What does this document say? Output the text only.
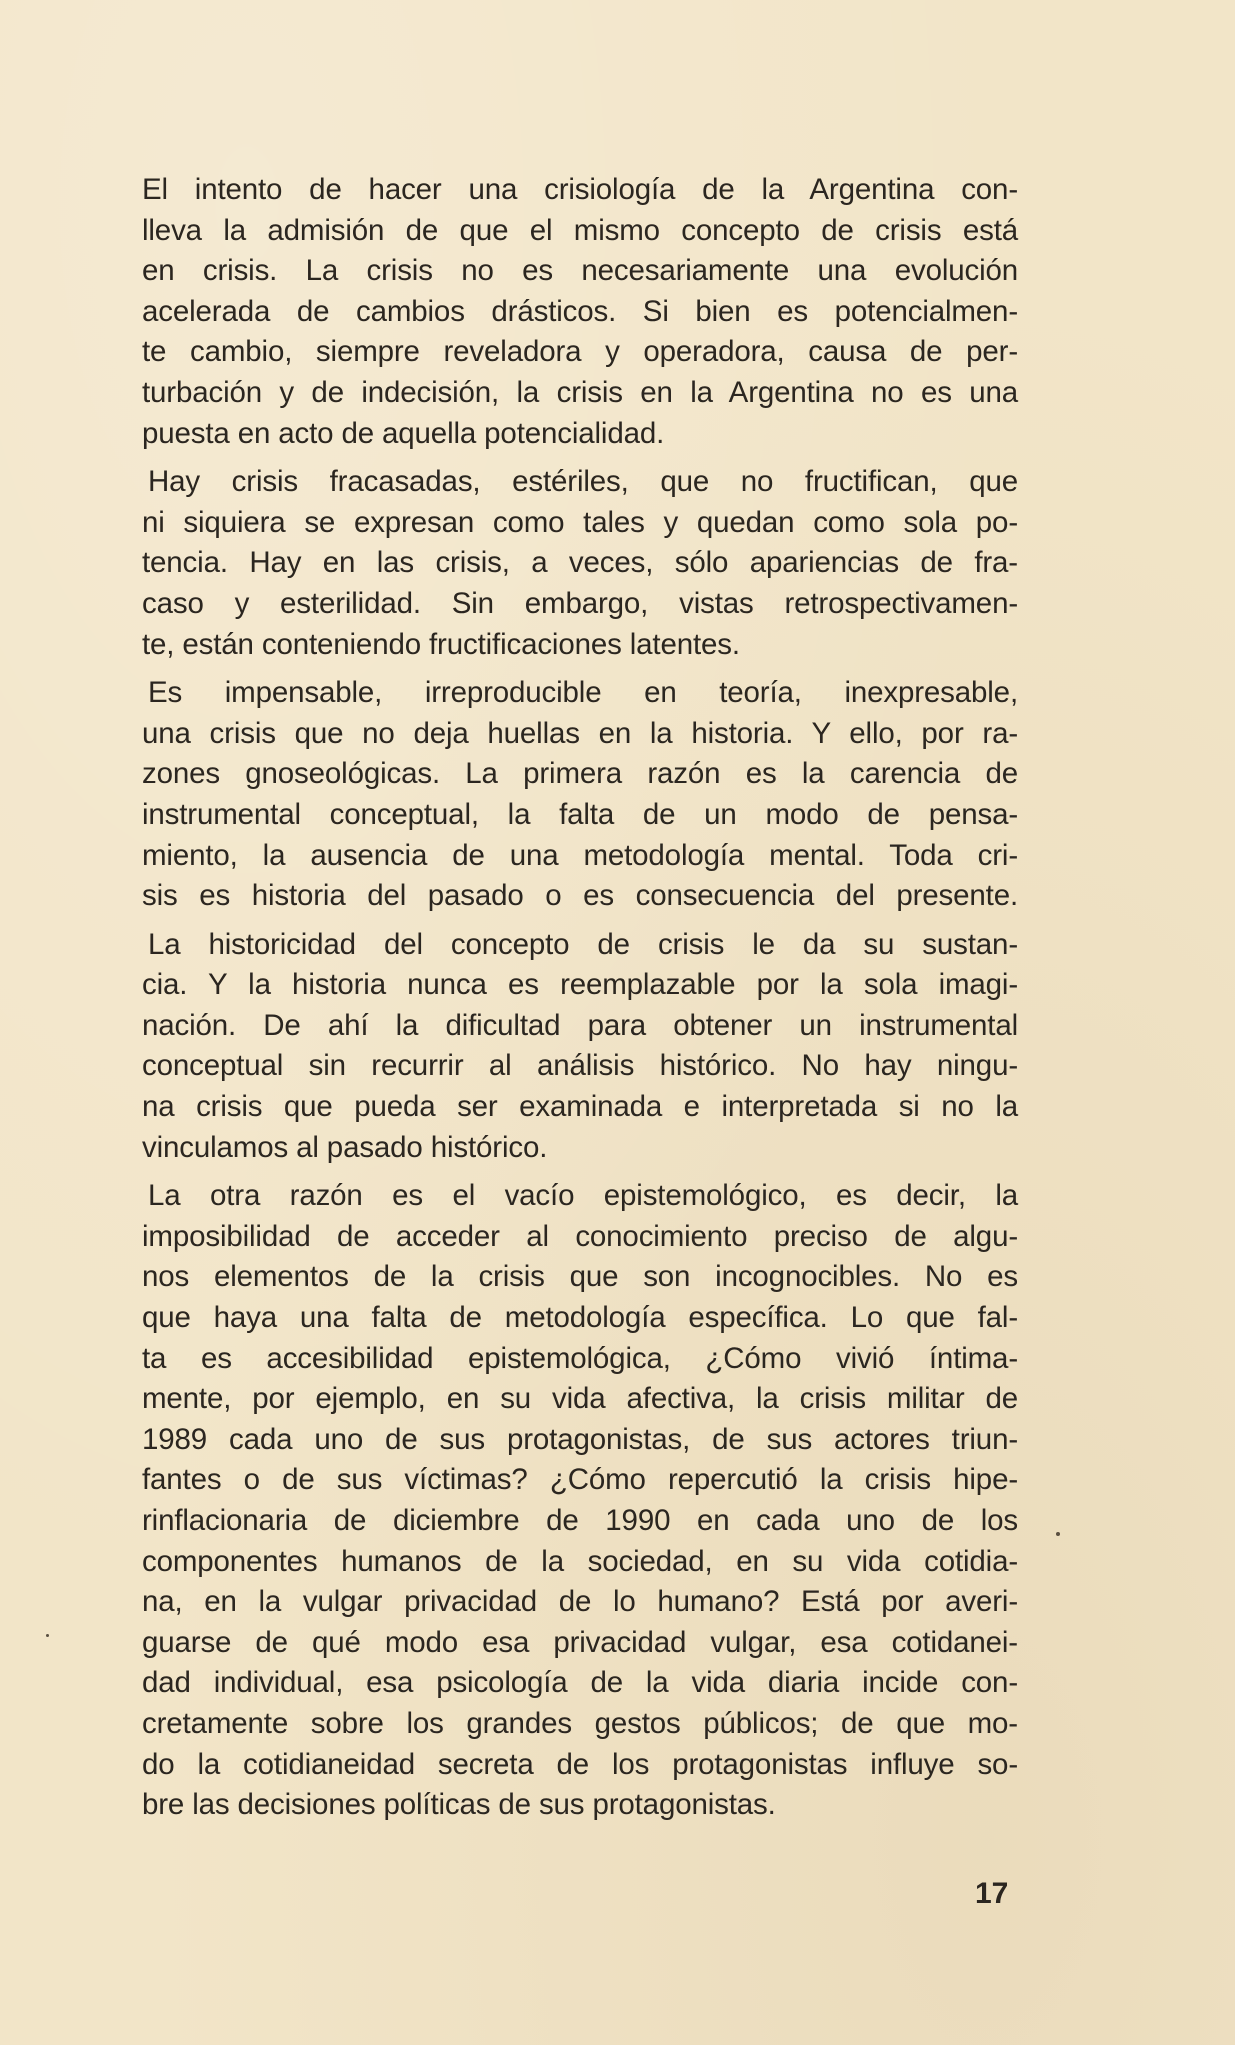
El intento de hacer una crisiología de la Argentina con-
lleva la admisión de que el mismo concepto de crisis está
en crisis. La crisis no es necesariamente una evolución
acelerada de cambios drásticos. Si bien es potencialmen-
te cambio, siempre reveladora y operadora, causa de per-
turbación y de indecisión, la crisis en la Argentina no es una
puesta en acto de aquella potencialidad.

Hay crisis fracasadas, estériles, que no fructifican, que
ni siquiera se expresan como tales y quedan como sola po-
tencia. Hay en las crisis, a veces, sólo apariencias de fra-
caso y esterilidad. Sin embargo, vistas retrospectivamen-
te, están conteniendo fructificaciones latentes.

Es impensable, irreproducible en teoría, inexpresable,
una crisis que no deja huellas en la historia. Y ello, por ra-
zones gnoseológicas. La primera razón es la carencia de
instrumental conceptual, la falta de un modo de pensa-
miento, la ausencia de una metodología mental. Toda cri-
sis es historia del pasado o es consecuencia del presente.

La historicidad del concepto de crisis le da su sustan-
cia. Y la historia nunca es reemplazable por la sola imagi-
nación. De ahí la dificultad para obtener un instrumental
conceptual sin recurrir al análisis histórico. No hay ningu-
na crisis que pueda ser examinada e interpretada si no la
vinculamos al pasado histórico.

La otra razón es el vacío epistemológico, es decir, la
imposibilidad de acceder al conocimiento preciso de algu-
nos elementos de la crisis que son incognocibles. No es
que haya una falta de metodología específica. Lo que fal-
ta es accesibilidad epistemológica, ¿Cómo vivió íntima-
mente, por ejemplo, en su vida afectiva, la crisis militar de
1989 cada uno de sus protagonistas, de sus actores triun-
fantes o de sus víctimas? ¿Cómo repercutió la crisis hipe-
rinflacionaria de diciembre de 1990 en cada uno de los
componentes humanos de la sociedad, en su vida cotidia-
na, en la vulgar privacidad de lo humano? Está por averi-
guarse de qué modo esa privacidad vulgar, esa cotidanei-
dad individual, esa psicología de la vida diaria incide con-
cretamente sobre los grandes gestos públicos; de que mo-
do la cotidianeidad secreta de los protagonistas influye so-
bre las decisiones políticas de sus protagonistas.

17
